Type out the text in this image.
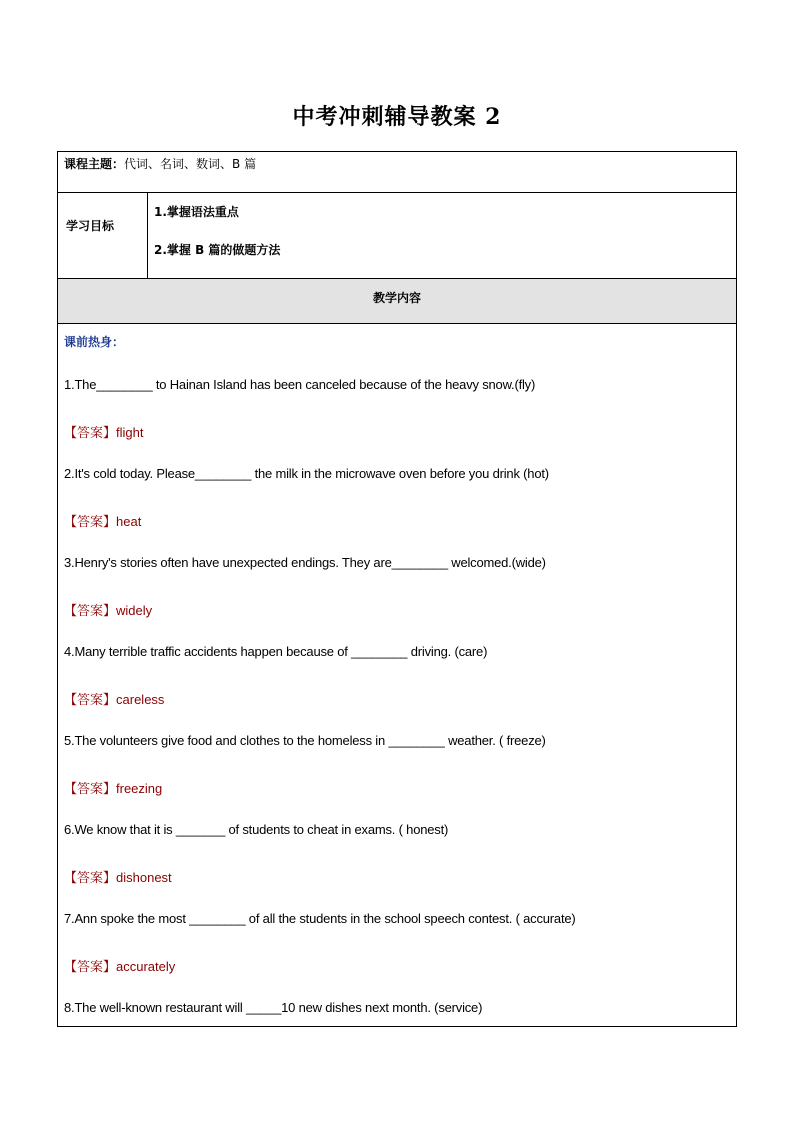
中考冲刺辅导教案 2
课程主题：代词、名词、数词、B 篇
学习目标
1.掌握语法重点
2.掌握 B 篇的做题方法
教学内容
课前热身：
1.The________ to Hainan Island has been canceled because of the heavy snow.(fly)
【答案】flight
2.It's cold today. Please________ the milk in the microwave oven before you drink (hot)
【答案】heat
3.Henry's stories often have unexpected endings. They are________ welcomed.(wide)
【答案】widely
4.Many terrible traffic accidents happen because of ________ driving. (care)
【答案】careless
5.The volunteers give food and clothes to the homeless in ________ weather. ( freeze)
【答案】freezing
6.We know that it is _______ of students to cheat in exams. ( honest)
【答案】dishonest
7.Ann spoke the most ________ of all the students in the school speech contest. ( accurate)
【答案】accurately
8.The well-known restaurant will _____10 new dishes next month. (service)
